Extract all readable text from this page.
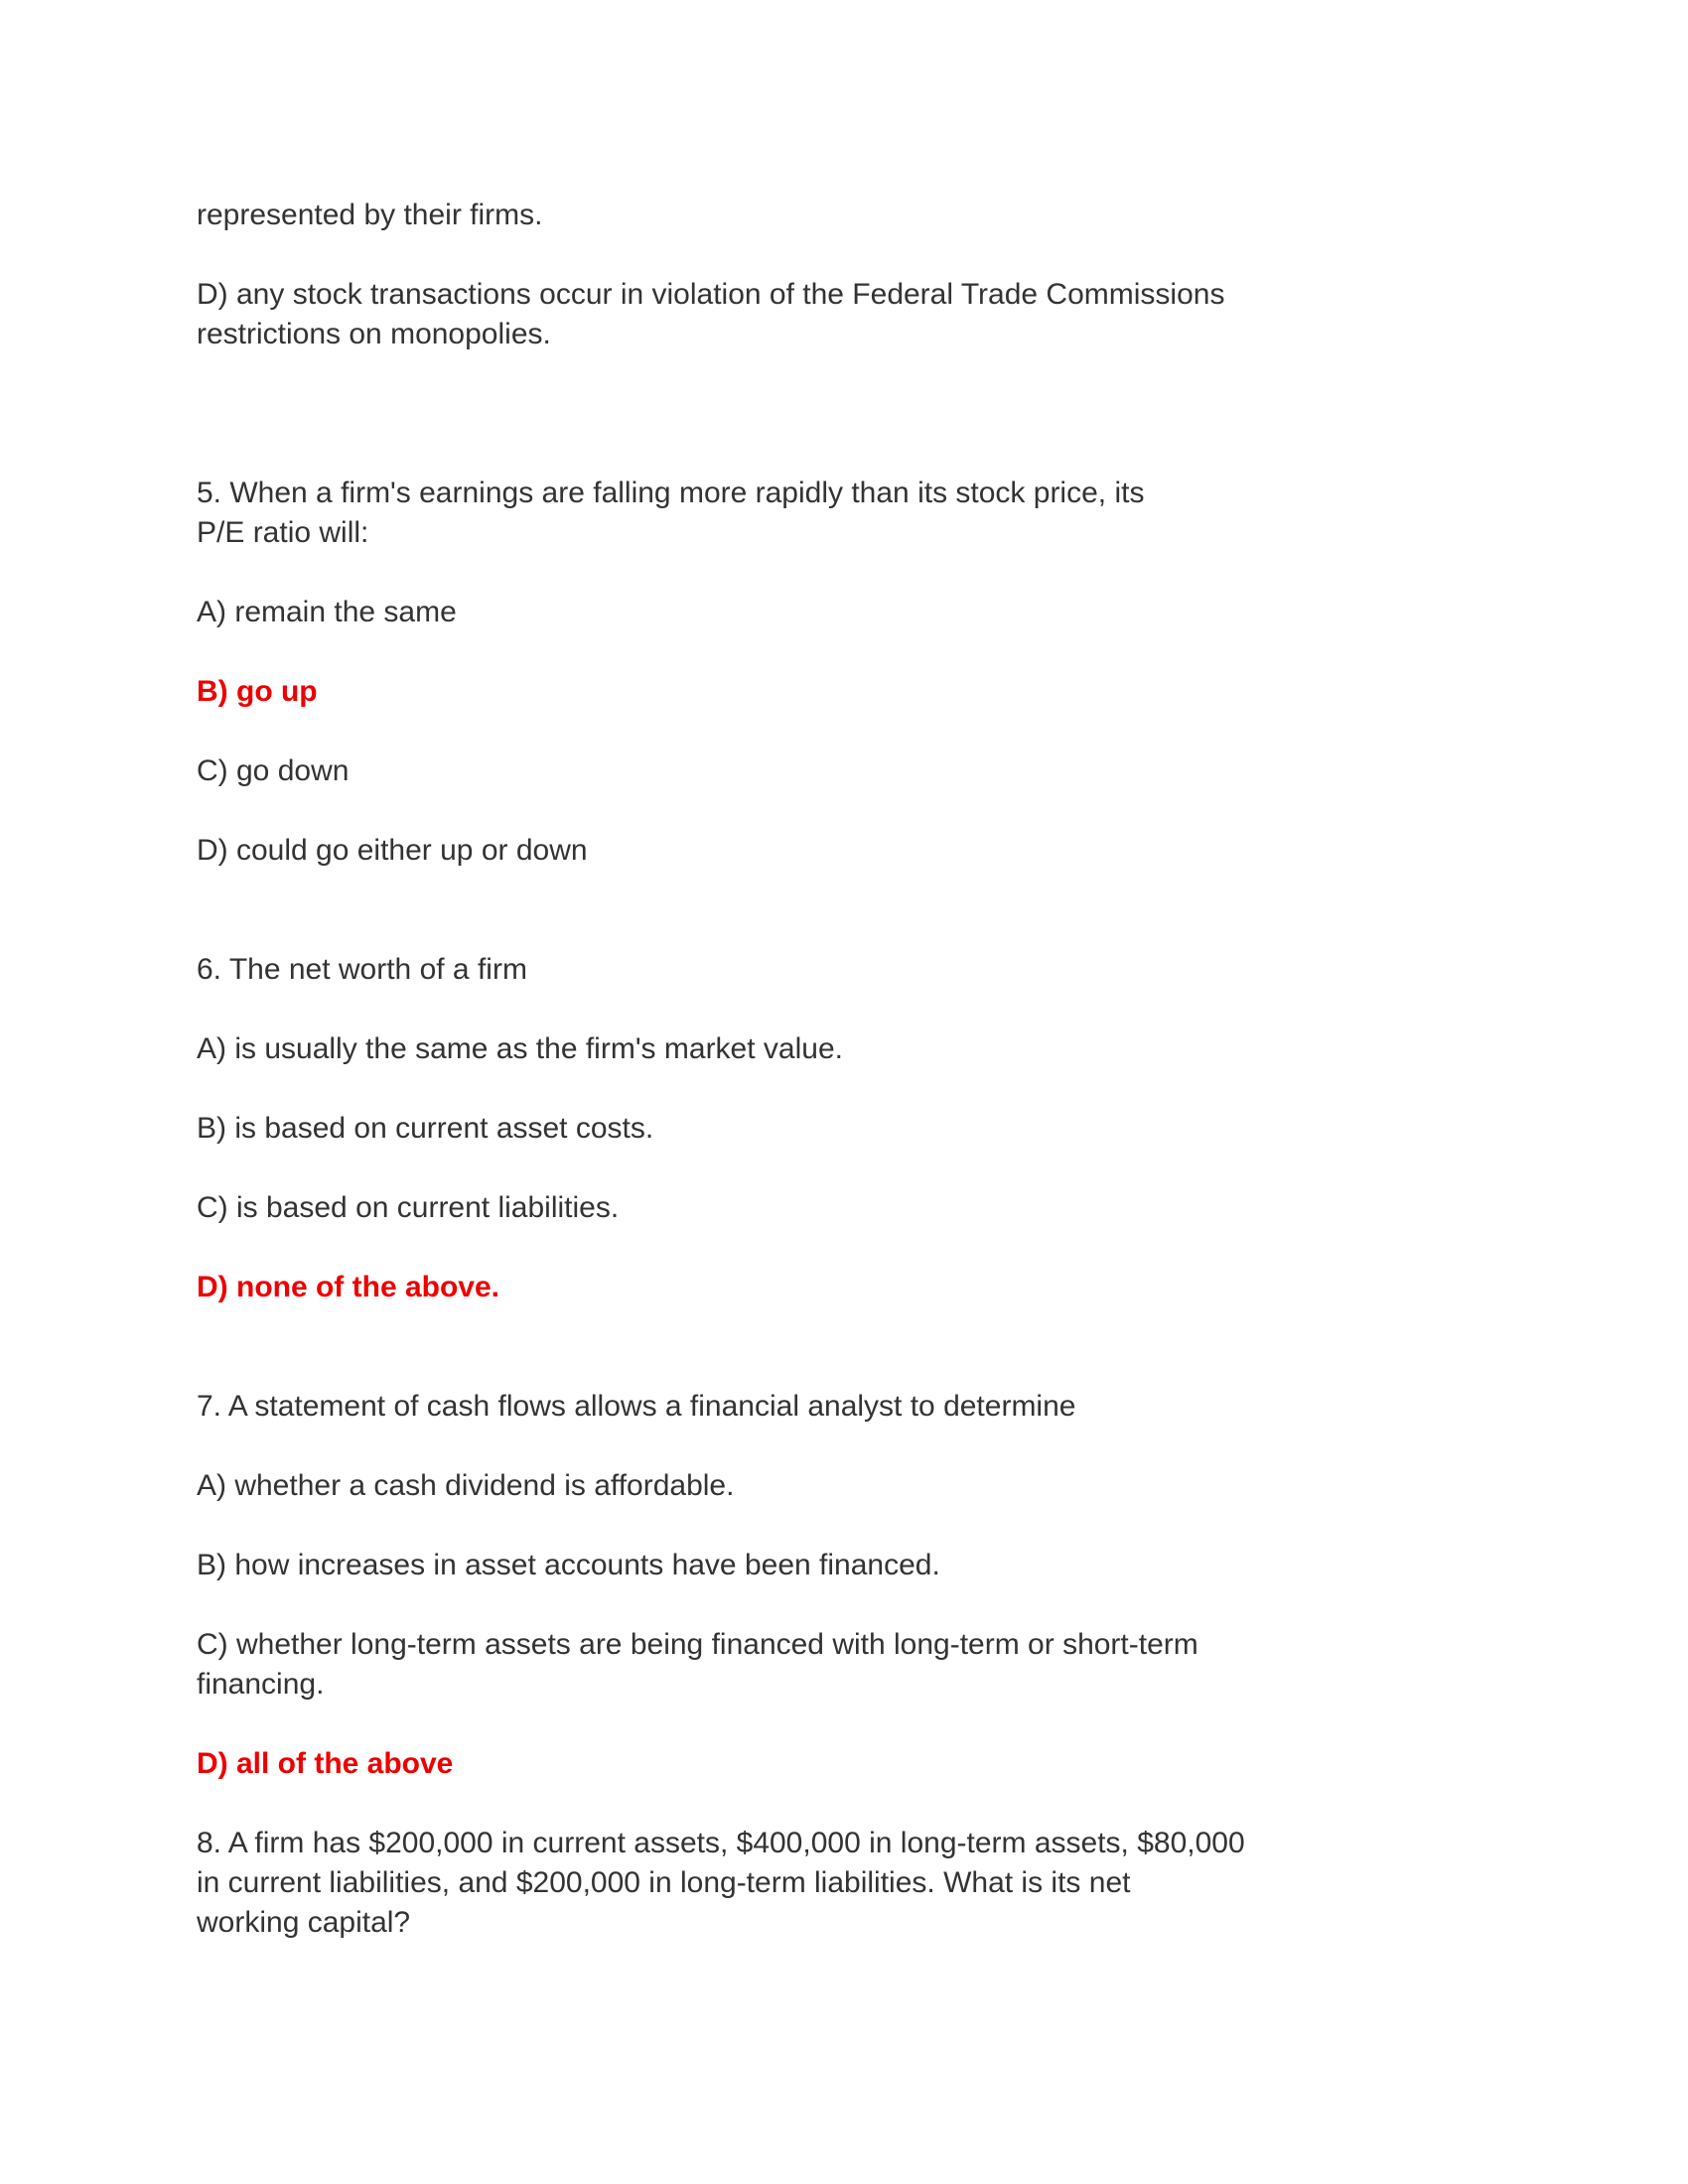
represented by their firms.

D) any stock transactions occur in violation of the Federal Trade Commissions

restrictions on monopolies.

5. When a firm's earnings are falling more rapidly than its stock price, its

P/E ratio will:

A) remain the same

B) go up

C) go down

D) could go either up or down

6. The net worth of a firm

A) is usually the same as the firm's market value.

B) is based on current asset costs.

C) is based on current liabilities.

D) none of the above.

7. A statement of cash flows allows a financial analyst to determine

A) whether a cash dividend is affordable.

B) how increases in asset accounts have been financed.

C) whether long-term assets are being financed with long-term or short-term

financing.

D) all of the above

8. A firm has $200,000 in current assets, $400,000 in long-term assets, $80,000

in current liabilities, and $200,000 in long-term liabilities. What is its net

working capital?
